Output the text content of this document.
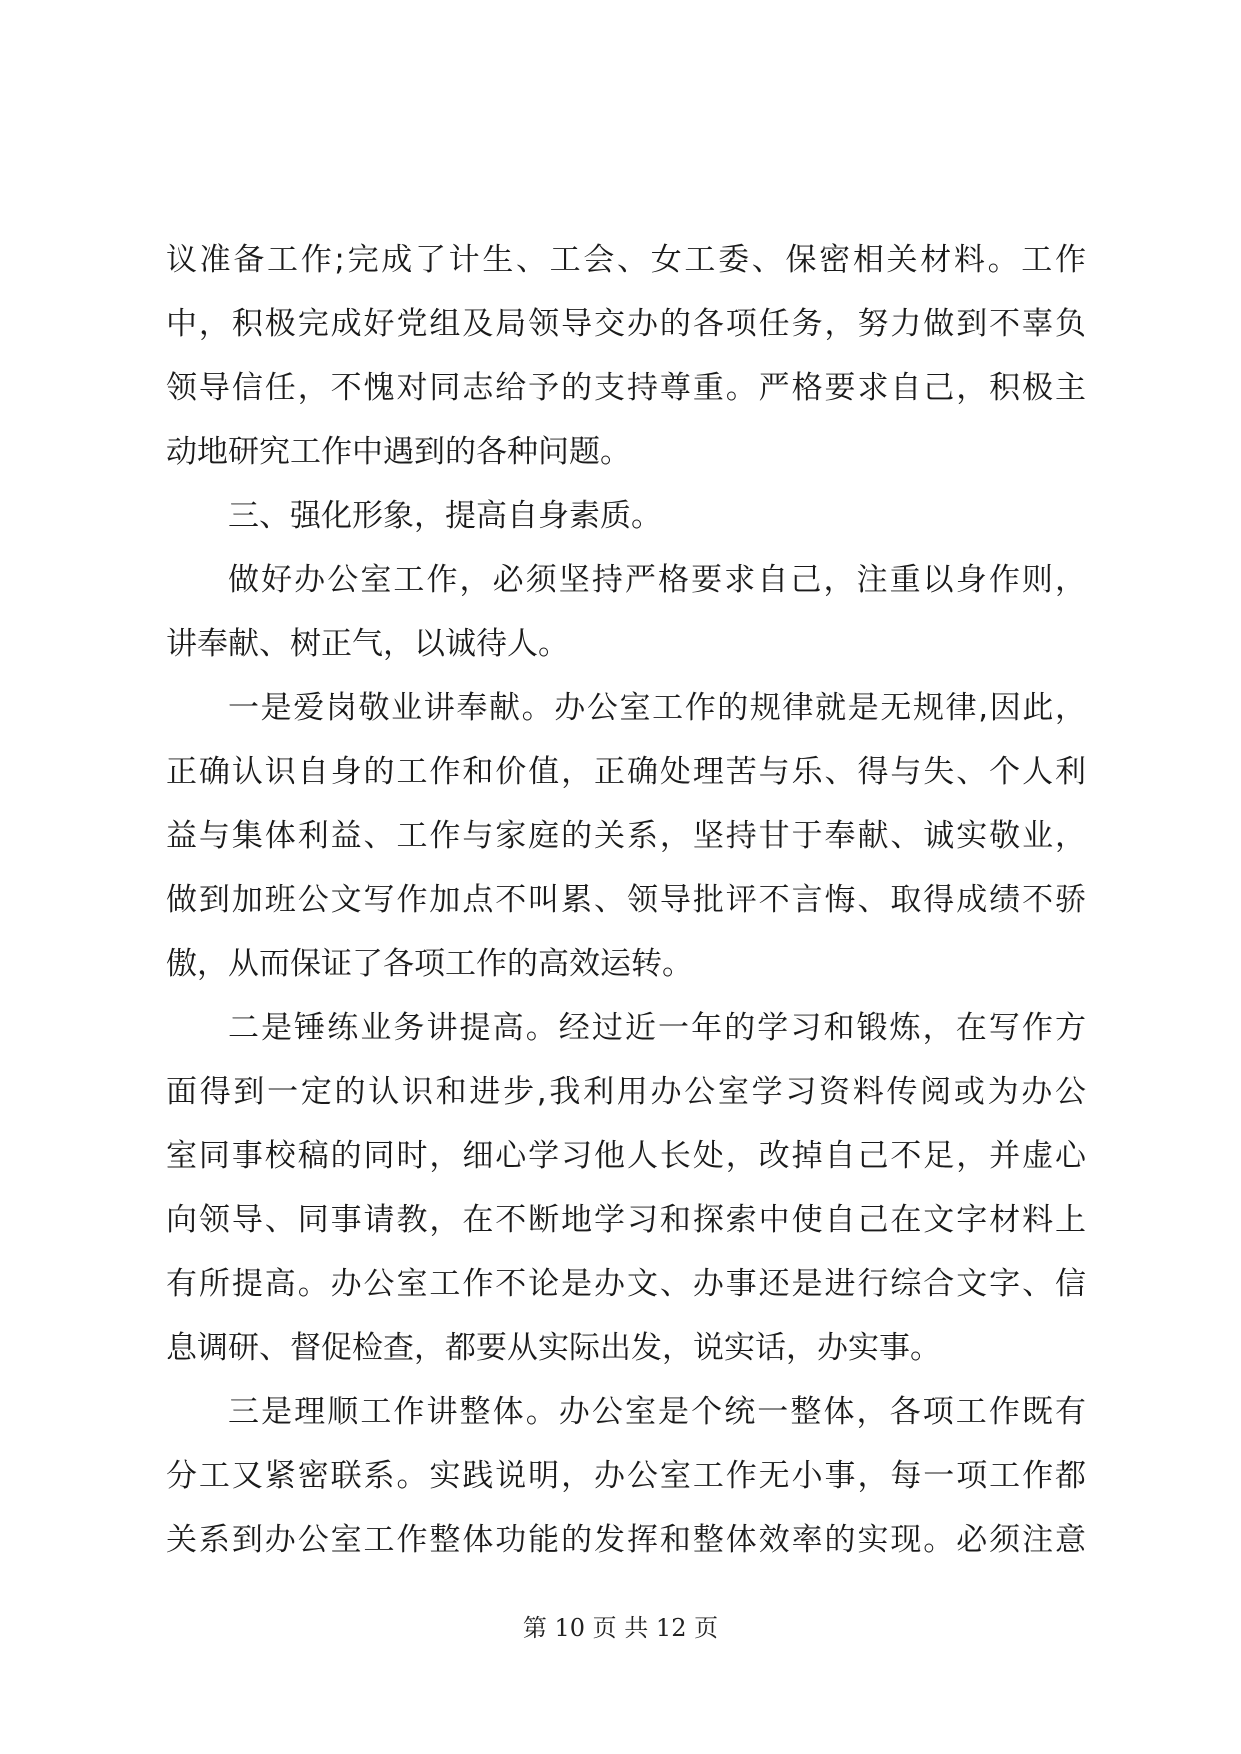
议准备工作;完成了计生、工会、女工委、保密相关材料。工作
中，积极完成好党组及局领导交办的各项任务，努力做到不辜负
领导信任，不愧对同志给予的支持尊重。严格要求自己，积极主
动地研究工作中遇到的各种问题。
三、强化形象，提高自身素质。
做好办公室工作，必须坚持严格要求自己，注重以身作则，
讲奉献、树正气，以诚待人。
一是爱岗敬业讲奉献。办公室工作的规律就是无规律,因此，
正确认识自身的工作和价值，正确处理苦与乐、得与失、个人利
益与集体利益、工作与家庭的关系，坚持甘于奉献、诚实敬业，
做到加班公文写作加点不叫累、领导批评不言悔、取得成绩不骄
傲，从而保证了各项工作的高效运转。
二是锤练业务讲提高。经过近一年的学习和锻炼，在写作方
面得到一定的认识和进步,我利用办公室学习资料传阅或为办公
室同事校稿的同时，细心学习他人长处，改掉自己不足，并虚心
向领导、同事请教，在不断地学习和探索中使自己在文字材料上
有所提高。办公室工作不论是办文、办事还是进行综合文字、信
息调研、督促检查，都要从实际出发，说实话，办实事。
三是理顺工作讲整体。办公室是个统一整体，各项工作既有
分工又紧密联系。实践说明，办公室工作无小事，每一项工作都
关系到办公室工作整体功能的发挥和整体效率的实现。必须注意
第 10 页 共 12 页
